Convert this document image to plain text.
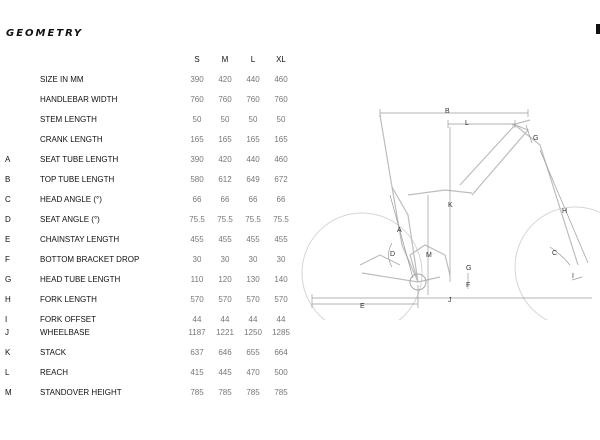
GEOMETRY
S	M	L	XL
SIZE IN MM	390	420	440	460
HANDLEBAR WIDTH	760	760	760	760
STEM LENGTH	50	50	50	50
CRANK LENGTH	165	165	165	165
A	SEAT TUBE LENGTH	390	420	440	460
B	TOP TUBE LENGTH	580	612	649	672
C	HEAD ANGLE (°)	66	66	66	66
D	SEAT ANGLE (°)	75.5	75.5	75.5	75.5
E	CHAINSTAY LENGTH	455	455	455	455
F	BOTTOM BRACKET DROP	30	30	30	30
G	HEAD TUBE LENGTH	110	120	130	140
H	FORK LENGTH	570	570	570	570
I	FORK OFFSET	44	44	44	44
J	WHEELBASE	1187	1221	1250	1285
K	STACK	637	646	655	664
L	REACH	415	445	470	500
M	STANDOVER HEIGHT	785	785	785	785
B
L
G
K
A
D	M
H
C
G
F
I
J
E
